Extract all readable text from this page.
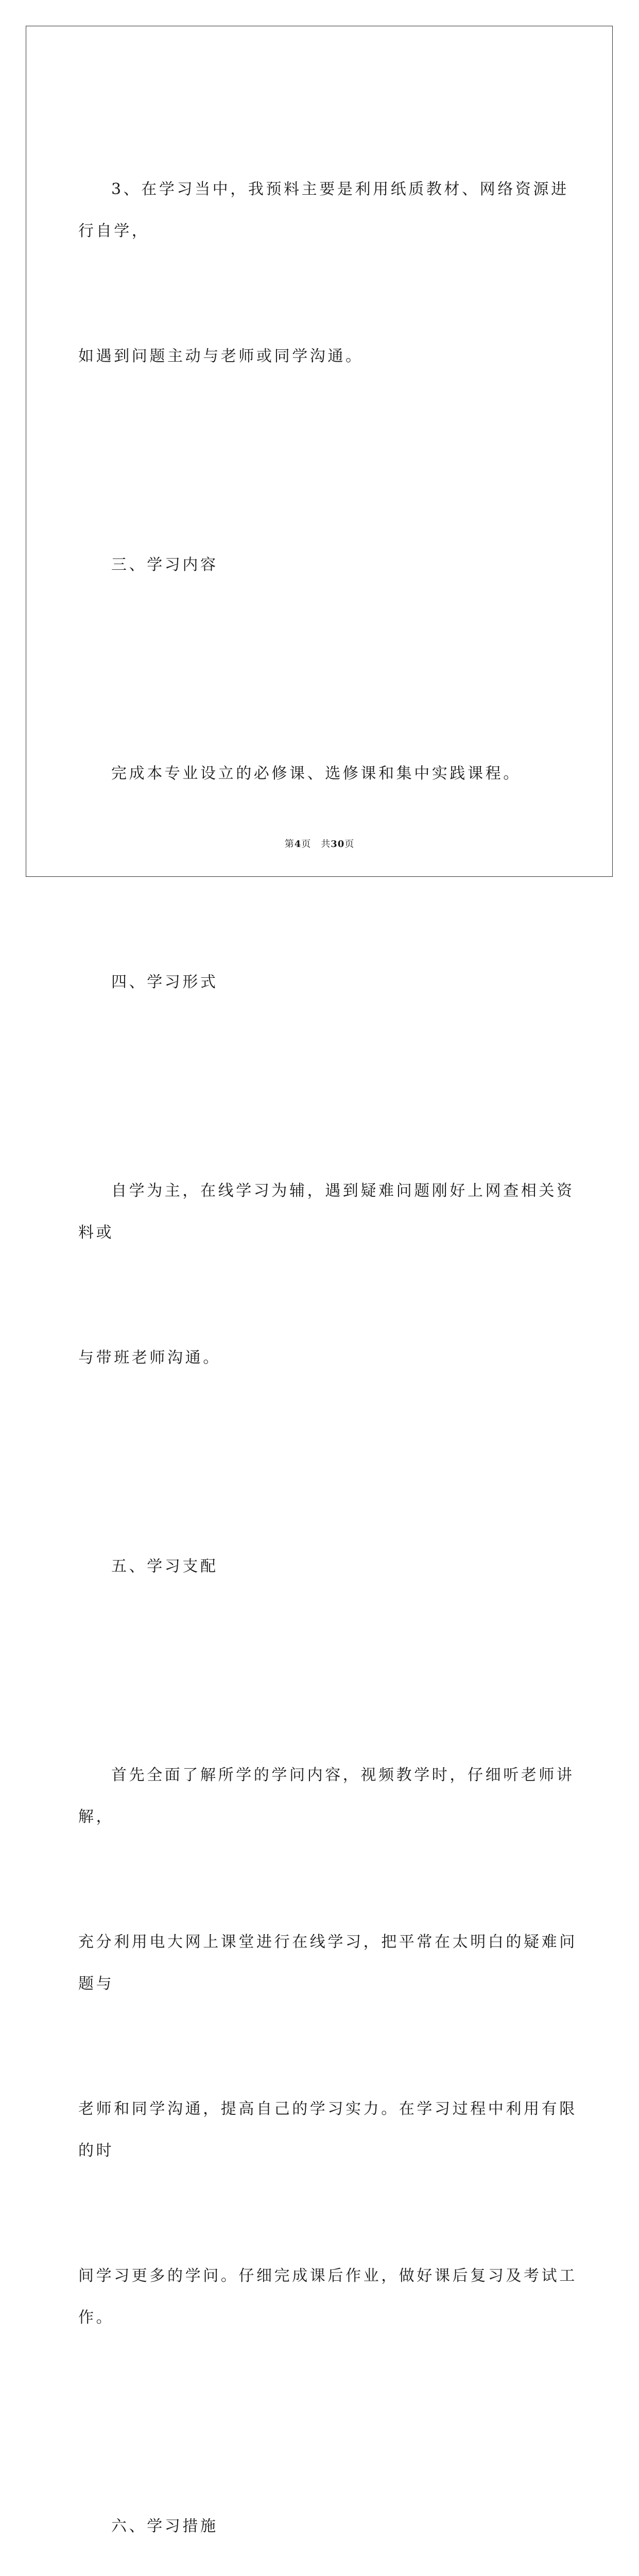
3、在学习当中，我预料主要是利用纸质教材、网络资源进行自学，

如遇到问题主动与老师或同学沟通。

三、学习内容

完成本专业设立的必修课、选修课和集中实践课程。

四、学习形式

自学为主，在线学习为辅，遇到疑难问题刚好上网查相关资料或

与带班老师沟通。

五、学习支配

首先全面了解所学的学问内容，视频教学时，仔细听老师讲解，

充分利用电大网上课堂进行在线学习，把平常在太明白的疑难问题与

老师和同学沟通，提高自己的学习实力。在学习过程中利用有限的时

间学习更多的学问。仔细完成课后作业，做好课后复习及考试工作。

六、学习措施

第4页　共30页
